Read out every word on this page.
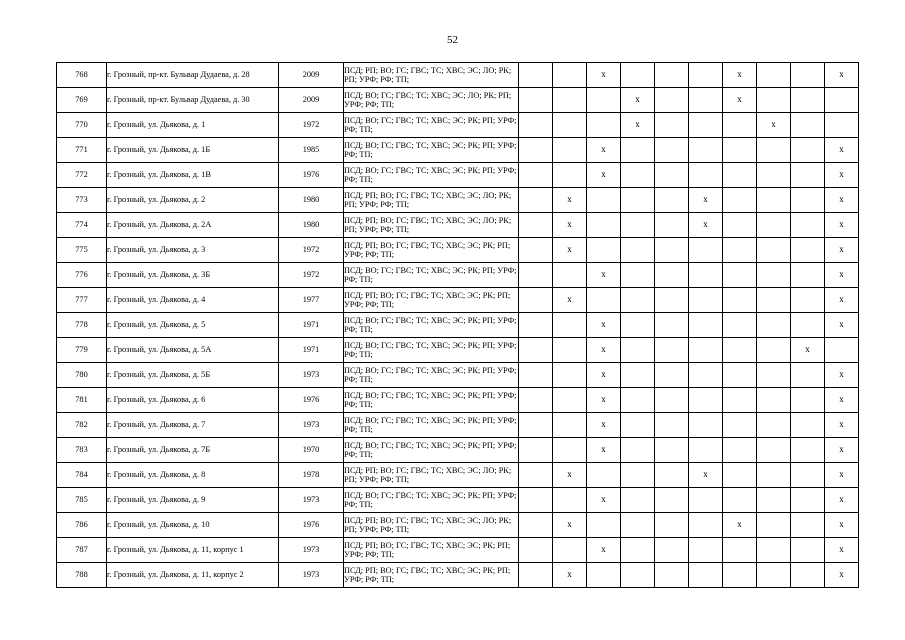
52
768	г. Грозный, пр-кт. Бульвар Дудаева, д. 28	2009	ПСД; РП; ВО; ГС; ГВС; ТС; ХВС; ЭС; ЛО; РК; РП; УРФ; РФ; ТП;			x				x			x

769	г. Грозный, пр-кт. Бульвар Дудаева, д. 30	2009	ПСД; ВО; ГС; ГВС; ТС; ХВС; ЭС; ЛО; РК; РП; УРФ; РФ; ТП;				x			x			

770	г. Грозный, ул. Дьякова, д. 1	1972	ПСД; ВО; ГС; ГВС; ТС; ХВС; ЭС; РК; РП; УРФ; РФ; ТП;				x				x		

771	г. Грозный, ул. Дьякова, д. 1Б	1985	ПСД; ВО; ГС; ГВС; ТС; ХВС; ЭС; РК; РП; УРФ; РФ; ТП;			x							x

772	г. Грозный, ул. Дьякова, д. 1В	1976	ПСД; ВО; ГС; ГВС; ТС; ХВС; ЭС; РК; РП; УРФ; РФ; ТП;			x							x

773	г. Грозный, ул. Дьякова, д. 2	1980	ПСД; РП; ВО; ГС; ГВС; ТС; ХВС; ЭС; ЛО; РК; РП; УРФ; РФ; ТП;		x				x				x

774	г. Грозный, ул. Дьякова, д. 2А	1980	ПСД; РП; ВО; ГС; ГВС; ТС; ХВС; ЭС; ЛО; РК; РП; УРФ; РФ; ТП;		x				x				x

775	г. Грозный, ул. Дьякова, д. 3	1972	ПСД; РП; ВО; ГС; ГВС; ТС; ХВС; ЭС; РК; РП; УРФ; РФ; ТП;		x								x

776	г. Грозный, ул. Дьякова, д. 3Б	1972	ПСД; ВО; ГС; ГВС; ТС; ХВС; ЭС; РК; РП; УРФ; РФ; ТП;			x							x

777	г. Грозный, ул. Дьякова, д. 4	1977	ПСД; РП; ВО; ГС; ГВС; ТС; ХВС; ЭС; РК; РП; УРФ; РФ; ТП;		x								x

778	г. Грозный, ул. Дьякова, д. 5	1971	ПСД; ВО; ГС; ГВС; ТС; ХВС; ЭС; РК; РП; УРФ; РФ; ТП;			x							x

779	г. Грозный, ул. Дьякова, д. 5А	1971	ПСД; ВО; ГС; ГВС; ТС; ХВС; ЭС; РК; РП; УРФ; РФ; ТП;			x						x	

780	г. Грозный, ул. Дьякова, д. 5Б	1973	ПСД; ВО; ГС; ГВС; ТС; ХВС; ЭС; РК; РП; УРФ; РФ; ТП;			x							x

781	г. Грозный, ул. Дьякова, д. 6	1976	ПСД; ВО; ГС; ГВС; ТС; ХВС; ЭС; РК; РП; УРФ; РФ; ТП;			x							x

782	г. Грозный, ул. Дьякова, д. 7	1973	ПСД; ВО; ГС; ГВС; ТС; ХВС; ЭС; РК; РП; УРФ; РФ; ТП;			x							x

783	г. Грозный, ул. Дьякова, д. 7Б	1970	ПСД; ВО; ГС; ГВС; ТС; ХВС; ЭС; РК; РП; УРФ; РФ; ТП;			x							x

784	г. Грозный, ул. Дьякова, д. 8	1978	ПСД; РП; ВО; ГС; ГВС; ТС; ХВС; ЭС; ЛО; РК; РП; УРФ; РФ; ТП;		x				x				x

785	г. Грозный, ул. Дьякова, д. 9	1973	ПСД; ВО; ГС; ГВС; ТС; ХВС; ЭС; РК; РП; УРФ; РФ; ТП;			x							x

786	г. Грозный, ул. Дьякова, д. 10	1976	ПСД; РП; ВО; ГС; ГВС; ТС; ХВС; ЭС; ЛО; РК; РП; УРФ; РФ; ТП;		x					x			x

787	г. Грозный, ул. Дьякова, д. 11, корпус 1	1973	ПСД; РП; ВО; ГС; ГВС; ТС; ХВС; ЭС; РК; РП; УРФ; РФ; ТП;			x							x

788	г. Грозный, ул. Дьякова, д. 11, корпус 2	1973	ПСД; РП; ВО; ГС; ГВС; ТС; ХВС; ЭС; РК; РП; УРФ; РФ; ТП;		x								x
